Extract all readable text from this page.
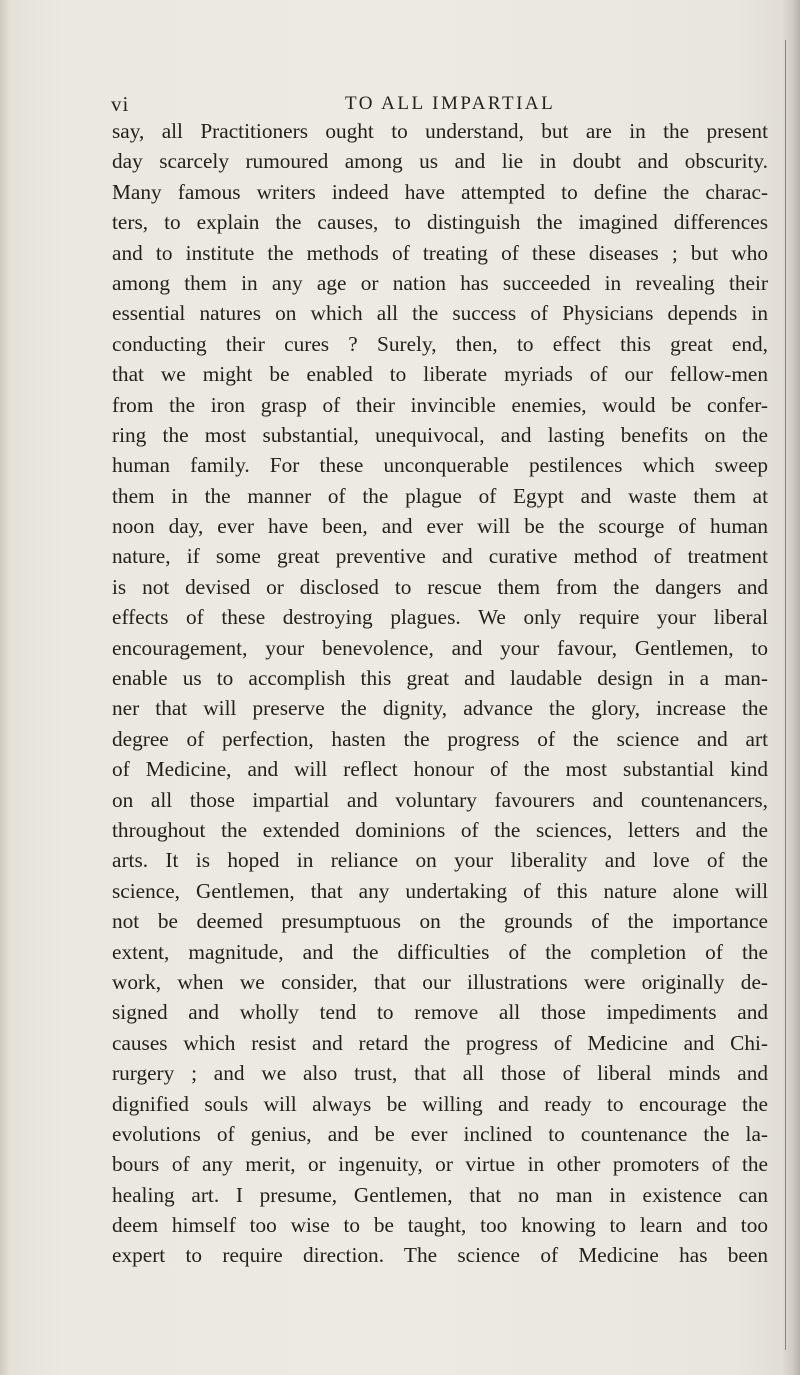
vi	TO ALL IMPARTIAL
say, all Practitioners ought to understand, but are in the present
day scarcely rumoured among us and lie in doubt and obscurity.
Many famous writers indeed have attempted to define the charac-
ters, to explain the causes, to distinguish the imagined differences
and to institute the methods of treating of these diseases ; but who
among them in any age or nation has succeeded in revealing their
essential natures on which all the success of Physicians depends in
conducting their cures ? Surely, then, to effect this great end,
that we might be enabled to liberate myriads of our fellow-men
from the iron grasp of their invincible enemies, would be confer-
ring the most substantial, unequivocal, and lasting benefits on the
human family. For these unconquerable pestilences which sweep
them in the manner of the plague of Egypt and waste them at
noon day, ever have been, and ever will be the scourge of human
nature, if some great preventive and curative method of treatment
is not devised or disclosed to rescue them from the dangers and
effects of these destroying plagues. We only require your liberal
encouragement, your benevolence, and your favour, Gentlemen, to
enable us to accomplish this great and laudable design in a man-
ner that will preserve the dignity, advance the glory, increase the
degree of perfection, hasten the progress of the science and art
of Medicine, and will reflect honour of the most substantial kind
on all those impartial and voluntary favourers and countenancers,
throughout the extended dominions of the sciences, letters and the
arts. It is hoped in reliance on your liberality and love of the
science, Gentlemen, that any undertaking of this nature alone will
not be deemed presumptuous on the grounds of the importance
extent, magnitude, and the difficulties of the completion of the
work, when we consider, that our illustrations were originally de-
signed and wholly tend to remove all those impediments and
causes which resist and retard the progress of Medicine and Chi-
rurgery ; and we also trust, that all those of liberal minds and
dignified souls will always be willing and ready to encourage the
evolutions of genius, and be ever inclined to countenance the la-
bours of any merit, or ingenuity, or virtue in other promoters of the
healing art. I presume, Gentlemen, that no man in existence can
deem himself too wise to be taught, too knowing to learn and too
expert to require direction. The science of Medicine has been
